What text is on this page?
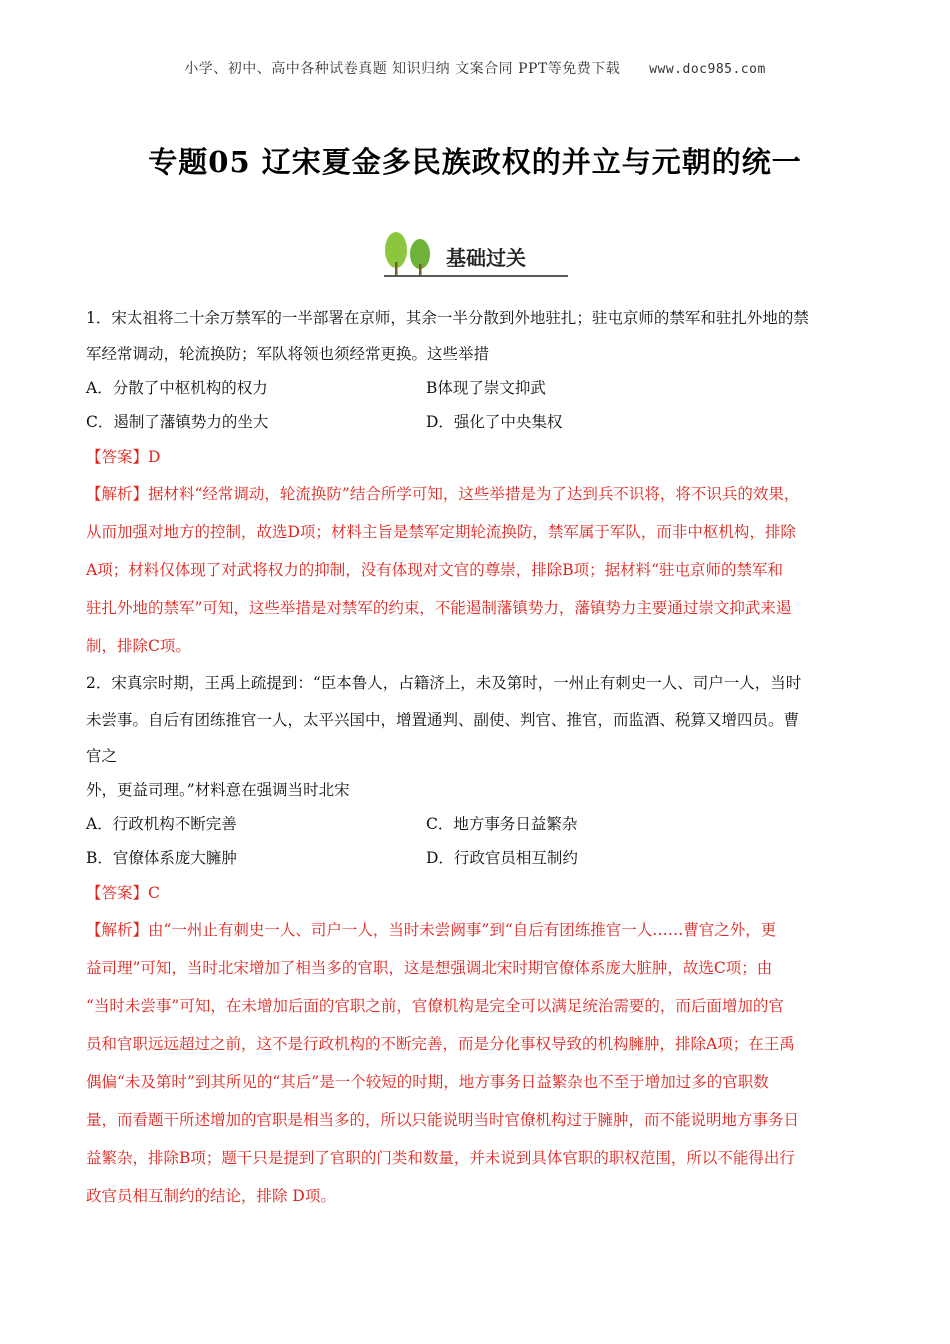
小学、初中、高中各种试卷真题 知识归纳 文案合同 PPT等免费下载 www.doc985.com
专题05 辽宋夏金多民族政权的并立与元朝的统一
基础过关

1．宋太祖将二十余万禁军的一半部署在京师，其余一半分散到外地驻扎；驻屯京师的禁军和驻扎外地的禁

军经常调动，轮流换防；军队将领也须经常更换。这些举措

A．分散了中枢机构的权力	B体现了崇文抑武
C．遏制了藩镇势力的坐大	D．强化了中央集权
【答案】D
【解析】据材料“经常调动，轮流换防”结合所学可知，这些举措是为了达到兵不识将，将不识兵的效果，
从而加强对地方的控制，故选D项；材料主旨是禁军定期轮流换防，禁军属于军队，而非中枢机构，排除
A项；材料仅体现了对武将权力的抑制，没有体现对文官的尊崇，排除B项；据材料“驻屯京师的禁军和
驻扎外地的禁军”可知，这些举措是对禁军的约束，不能遏制藩镇势力，藩镇势力主要通过崇文抑武来遏
制，排除C项。

2．宋真宗时期，王禹上疏提到：“臣本鲁人，占籍济上，未及第时，一州止有刺史一人、司户一人，当时

未尝事。自后有团练推官一人，太平兴国中，增置通判、副使、判官、推官，而监酒、税算又增四员。曹

官之

外，更益司理。”材料意在强调当时北宋

A．行政机构不断完善	C．地方事务日益繁杂
B．官僚体系庞大臃肿	D．行政官员相互制约
【答案】C
【解析】由“一州止有刺史一人、司户一人，当时未尝阙事”到“自后有团练推官一人……曹官之外，更
益司理”可知，当时北宋增加了相当多的官职，这是想强调北宋时期官僚体系庞大脏肿，故选C项；由
“当时未尝事”可知，在未增加后面的官职之前，官僚机构是完全可以满足统治需要的，而后面增加的官
员和官职远远超过之前，这不是行政机构的不断完善，而是分化事权导致的机构臃肿，排除A项；在王禹
偶偏“未及第时”到其所见的“其后”是一个较短的时期，地方事务日益繁杂也不至于增加过多的官职数
量，而看题干所述增加的官职是相当多的，所以只能说明当时官僚机构过于臃肿，而不能说明地方事务日
益繁杂，排除B项；题干只是提到了官职的门类和数量，并未说到具体官职的职权范围，所以不能得出行
政官员相互制约的结论，排除 D项。
